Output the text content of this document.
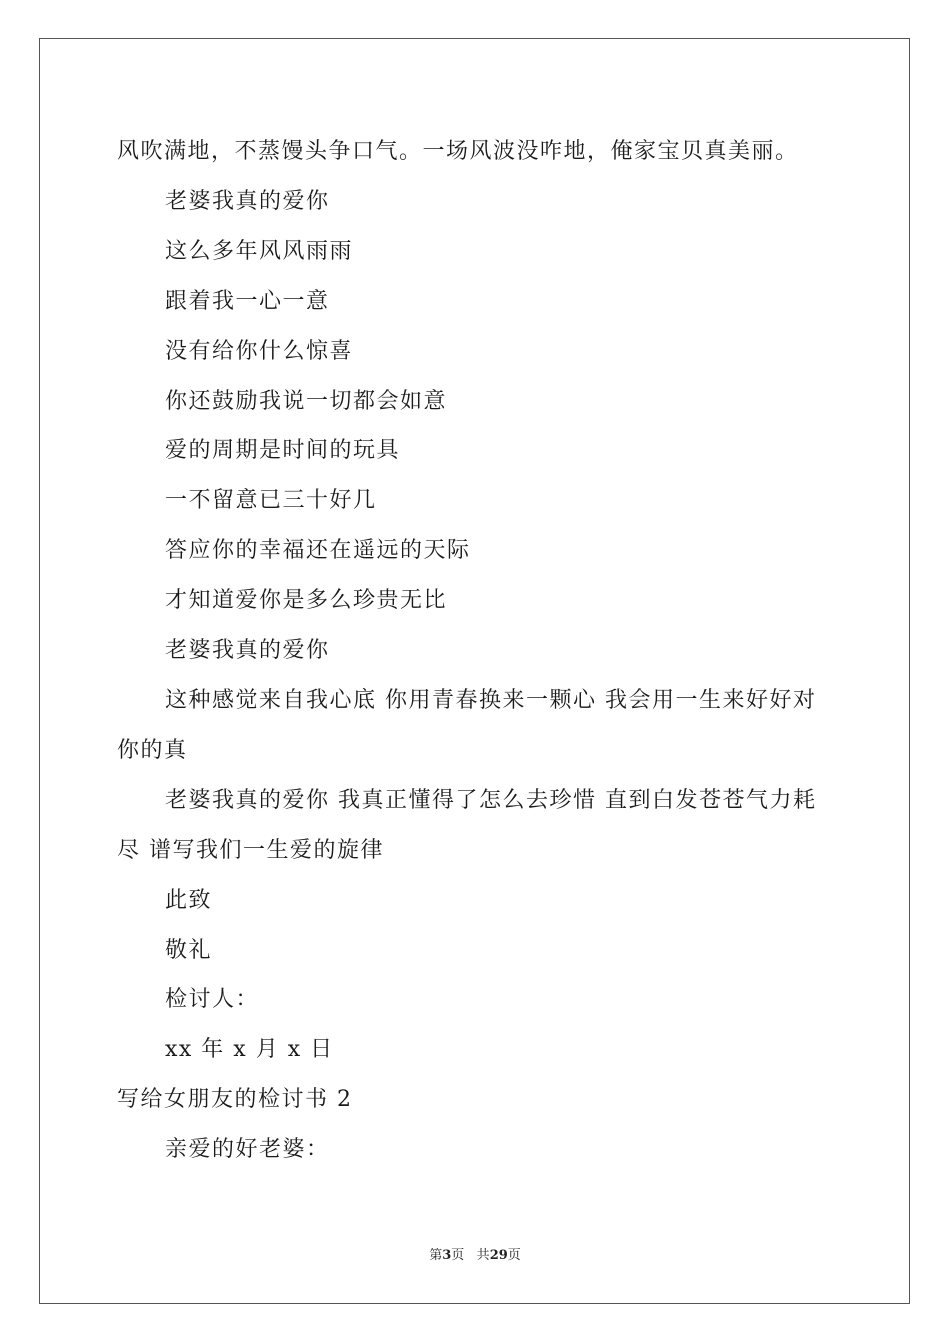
风吹满地，不蒸馒头争口气。一场风波没咋地，俺家宝贝真美丽。

老婆我真的爱你

这么多年风风雨雨

跟着我一心一意

没有给你什么惊喜

你还鼓励我说一切都会如意

爱的周期是时间的玩具

一不留意已三十好几

答应你的幸福还在遥远的天际

才知道爱你是多么珍贵无比

老婆我真的爱你

这种感觉来自我心底 你用青春换来一颗心 我会用一生来好好对

你的真

老婆我真的爱你 我真正懂得了怎么去珍惜 直到白发苍苍气力耗

尽 谱写我们一生爱的旋律

此致

敬礼

检讨人：

xx 年 x 月 x 日

写给女朋友的检讨书 2

亲爱的好老婆：

第3页 共29页
